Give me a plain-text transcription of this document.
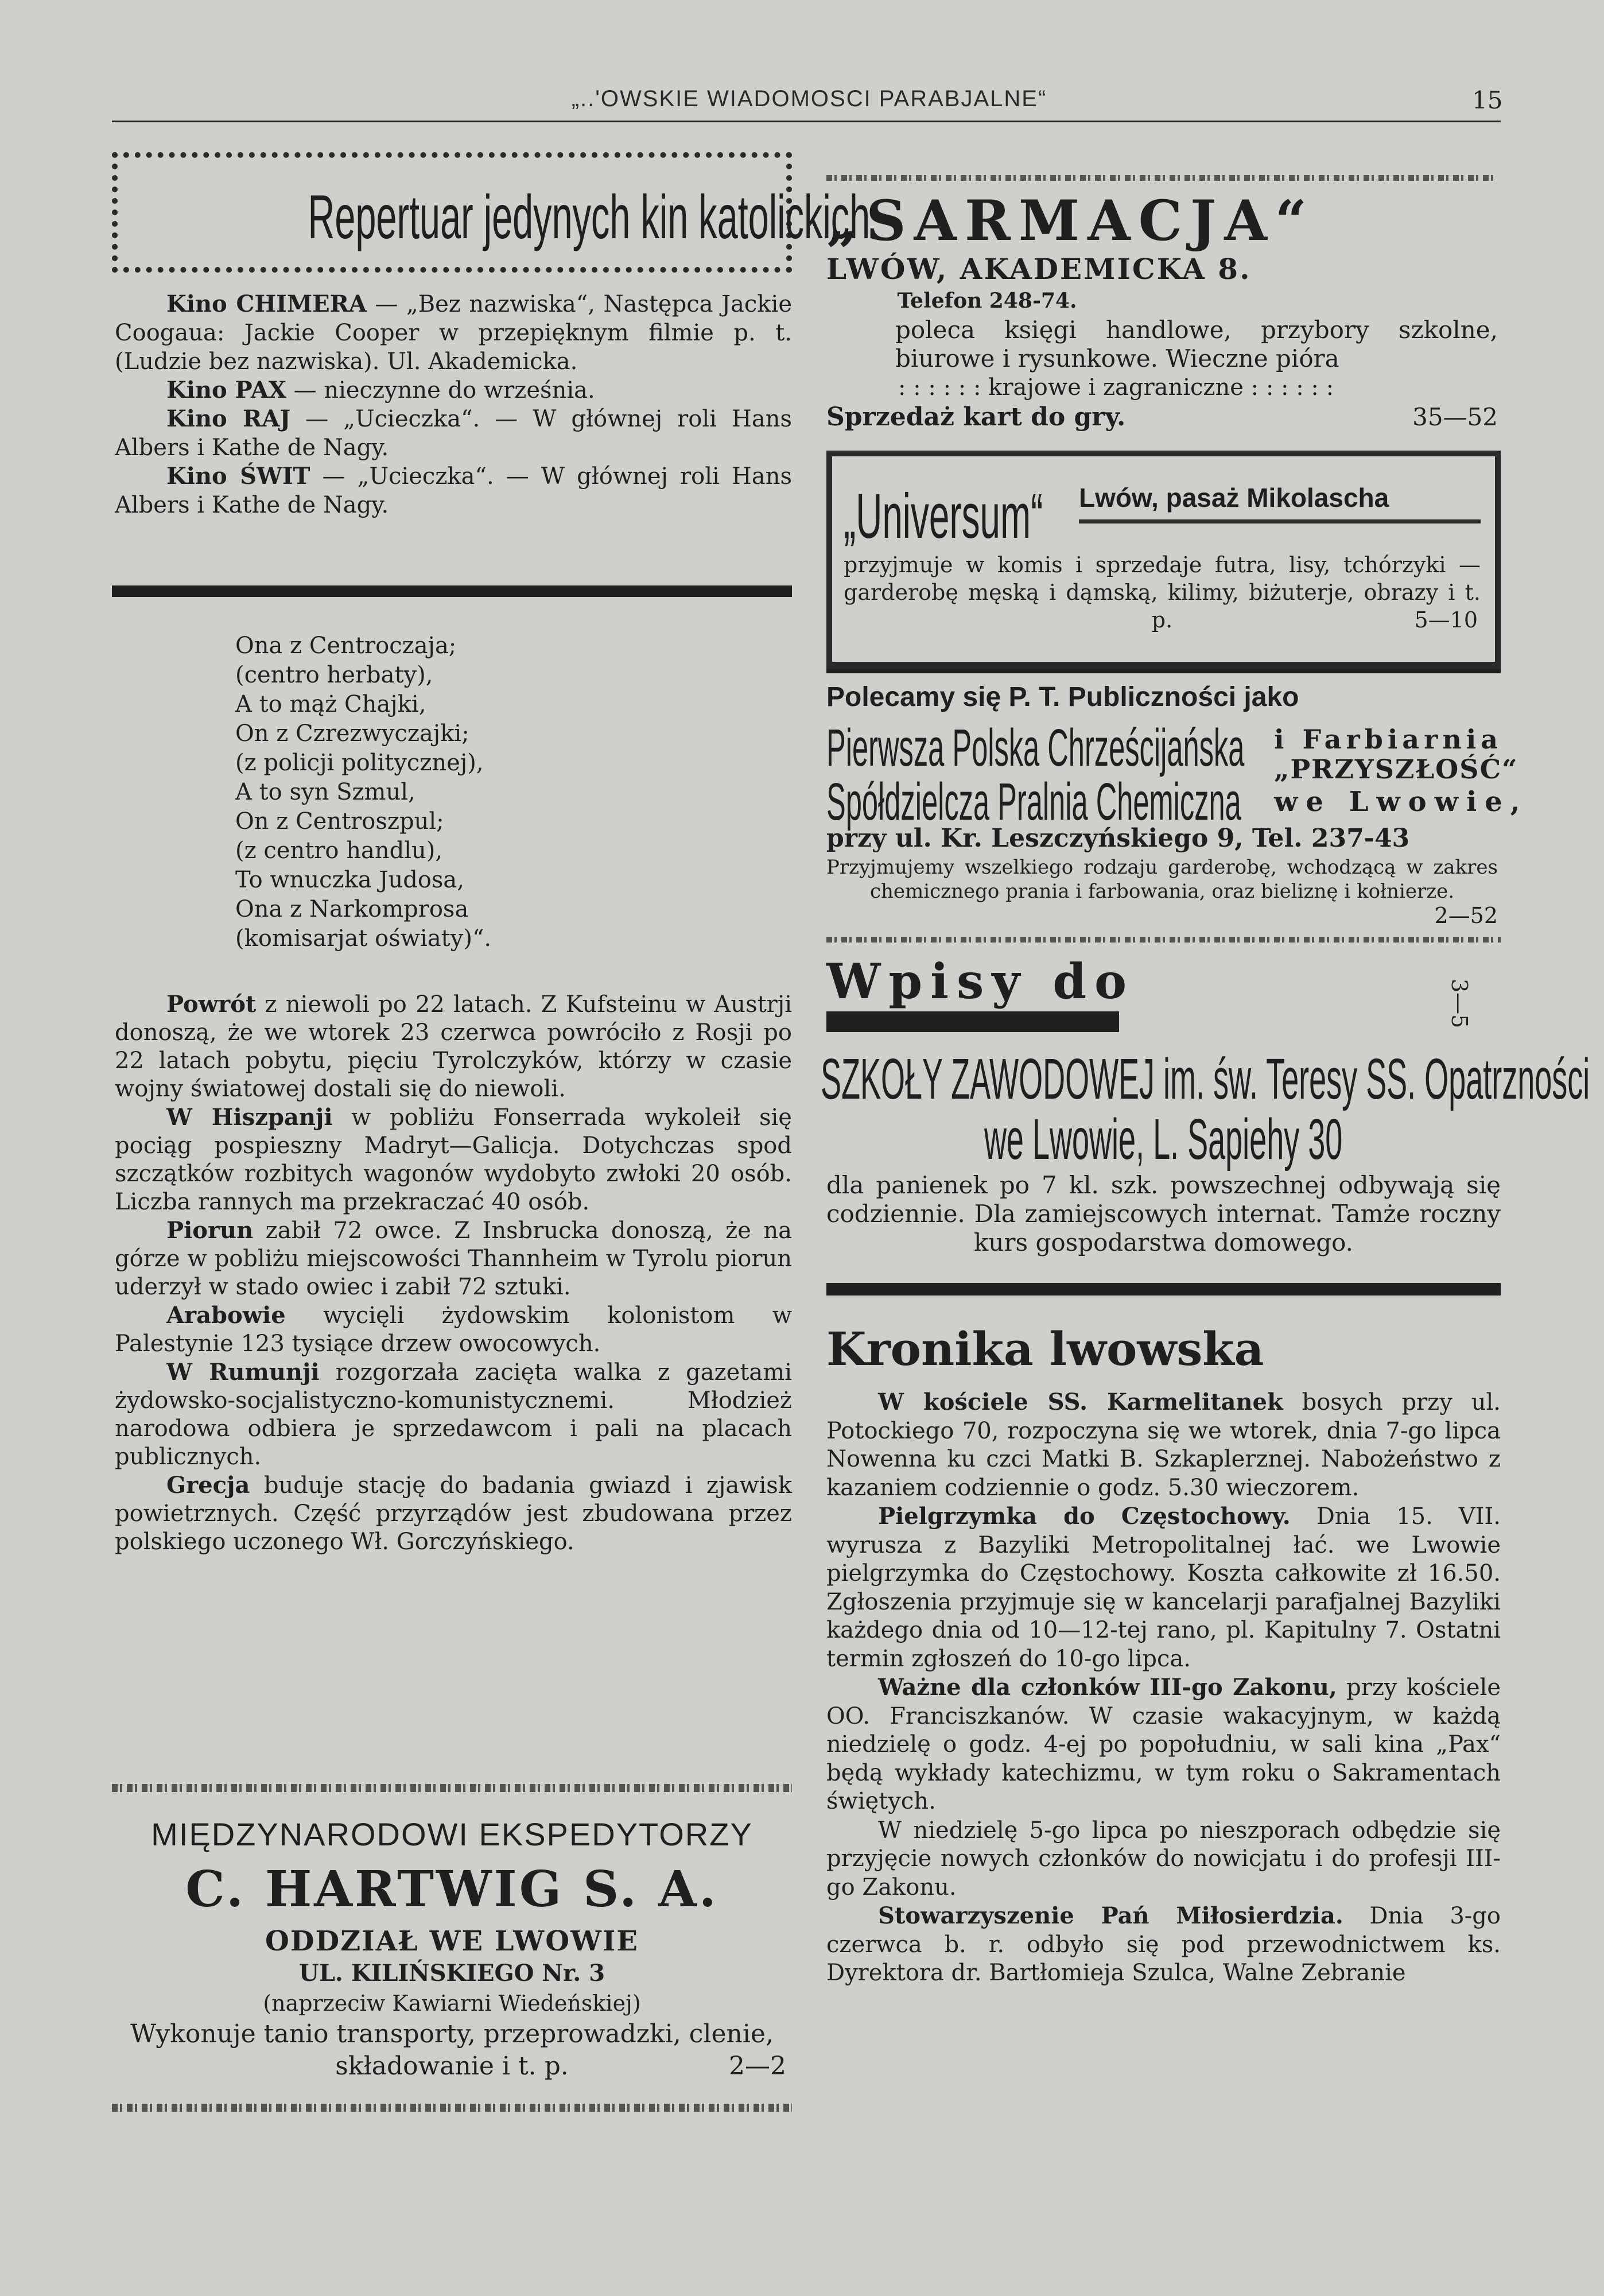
„..'OWSKIE WIADOMOSCI PARABJALNE“	15
Repertuar jedynych kin katolickich

Kino CHIMERA — „Bez nazwiska“, Następca Jackie Coogaua: Jackie Cooper w przepięknym filmie p. t. (Ludzie bez nazwiska). Ul. Akademicka.

Kino PAX — nieczynne do września.

Kino RAJ — „Ucieczka“. — W głównej roli Hans Albers i Kathe de Nagy.

Kino ŚWIT — „Ucieczka“. — W głównej roli Hans Albers i Kathe de Nagy.

Ona z Centroczaja;
(centro herbaty),
A to mąż Chajki,
On z Czrezwyczajki;
(z policji politycznej),
A to syn Szmul,
On z Centroszpul;
(z centro handlu),
To wnuczka Judosa,
Ona z Narkomprosa
(komisarjat oświaty)“.

Powrót z niewoli po 22 latach. Z Kufsteinu w Austrji donoszą, że we wtorek 23 czerwca powróciło z Rosji po 22 latach pobytu, pięciu Tyrolczyków, którzy w czasie wojny światowej dostali się do niewoli.

W Hiszpanji w pobliżu Fonserrada wykoleił się pociąg pospieszny Madryt—Galicja. Dotychczas spod szczątków rozbitych wagonów wydobyto zwłoki 20 osób. Liczba rannych ma przekraczać 40 osób.

Piorun zabił 72 owce. Z Insbrucka donoszą, że na górze w pobliżu miejscowości Thannheim w Tyrolu piorun uderzył w stado owiec i zabił 72 sztuki.

Arabowie wycięli żydowskim kolonistom w Palestynie 123 tysiące drzew owocowych.

W Rumunji rozgorzała zacięta walka z gazetami żydowsko-socjalistyczno-komunistycznemi. Młodzież narodowa odbiera je sprzedawcom i pali na placach publicznych.

Grecja buduje stację do badania gwiazd i zjawisk powietrznych. Część przyrządów jest zbudowana przez polskiego uczonego Wł. Gorczyńskiego.

MIĘDZYNARODOWI EKSPEDYTORZY
C. HARTWIG S. A.
ODDZIAŁ WE LWOWIE
UL. KILIŃSKIEGO Nr. 3
(naprzeciw Kawiarni Wiedeńskiej)
Wykonuje tanio transporty, przeprowadzki, clenie,
składowanie i t. p.	2—2
„SARMACJA“
LWÓW, AKADEMICKA 8.
Telefon 248-74.
poleca księgi handlowe, przybory szkolne, biurowe i rysunkowe. Wieczne pióra
: : : : : : krajowe i zagraniczne : : : : : :
Sprzedaż kart do gry.	35—52
„Universum“	Lwów, pasaż Mikolascha
przyjmuje w komis i sprzedaje futra, lisy, tchórzyki — garderobę męską i dąmską, kilimy, biżuterje, obrazy i t. p.	5—10
Polecamy się P. T. Publiczności jako
Pierwsza Polska Chrześcijańska
Spółdzielcza Pralnia Chemiczna
i Farbiarnia
„PRZYSZŁOŚĆ“
we Lwowie,
przy ul. Kr. Leszczyńskiego 9, Tel. 237-43
Przyjmujemy wszelkiego rodzaju garderobę, wchodzącą w zakres chemicznego prania i farbowania, oraz bieliznę i kołnierze.
2—52
Wpisy do	3—5
SZKOŁY ZAWODOWEJ im. św. Teresy SS. Opatrzności
we Lwowie, L. Sapiehy 30
dla panienek po 7 kl. szk. powszechnej odbywają się codziennie. Dla zamiejscowych internat. Tamże roczny kurs gospodarstwa domowego.
Kronika lwowska

W kościele SS. Karmelitanek bosych przy ul. Potockiego 70, rozpoczyna się we wtorek, dnia 7-go lipca Nowenna ku czci Matki B. Szkaplerznej. Nabożeństwo z kazaniem codziennie o godz. 5.30 wieczorem.

Pielgrzymka do Częstochowy. Dnia 15. VII. wyrusza z Bazyliki Metropolitalnej łać. we Lwowie pielgrzymka do Częstochowy. Koszta całkowite zł 16.50. Zgłoszenia przyjmuje się w kancelarji parafjalnej Bazyliki każdego dnia od 10—12-tej rano, pl. Kapitulny 7. Ostatni termin zgłoszeń do 10-go lipca.

Ważne dla członków III-go Zakonu, przy kościele OO. Franciszkanów. W czasie wakacyjnym, w każdą niedzielę o godz. 4-ej po popołudniu, w sali kina „Pax“ będą wykłady katechizmu, w tym roku o Sakramentach świętych.

W niedzielę 5-go lipca po nieszporach odbędzie się przyjęcie nowych członków do nowicjatu i do profesji III-go Zakonu.

Stowarzyszenie Pań Miłosierdzia. Dnia 3-go czerwca b. r. odbyło się pod przewodnictwem ks. Dyrektora dr. Bartłomieja Szulca, Walne Zebranie
